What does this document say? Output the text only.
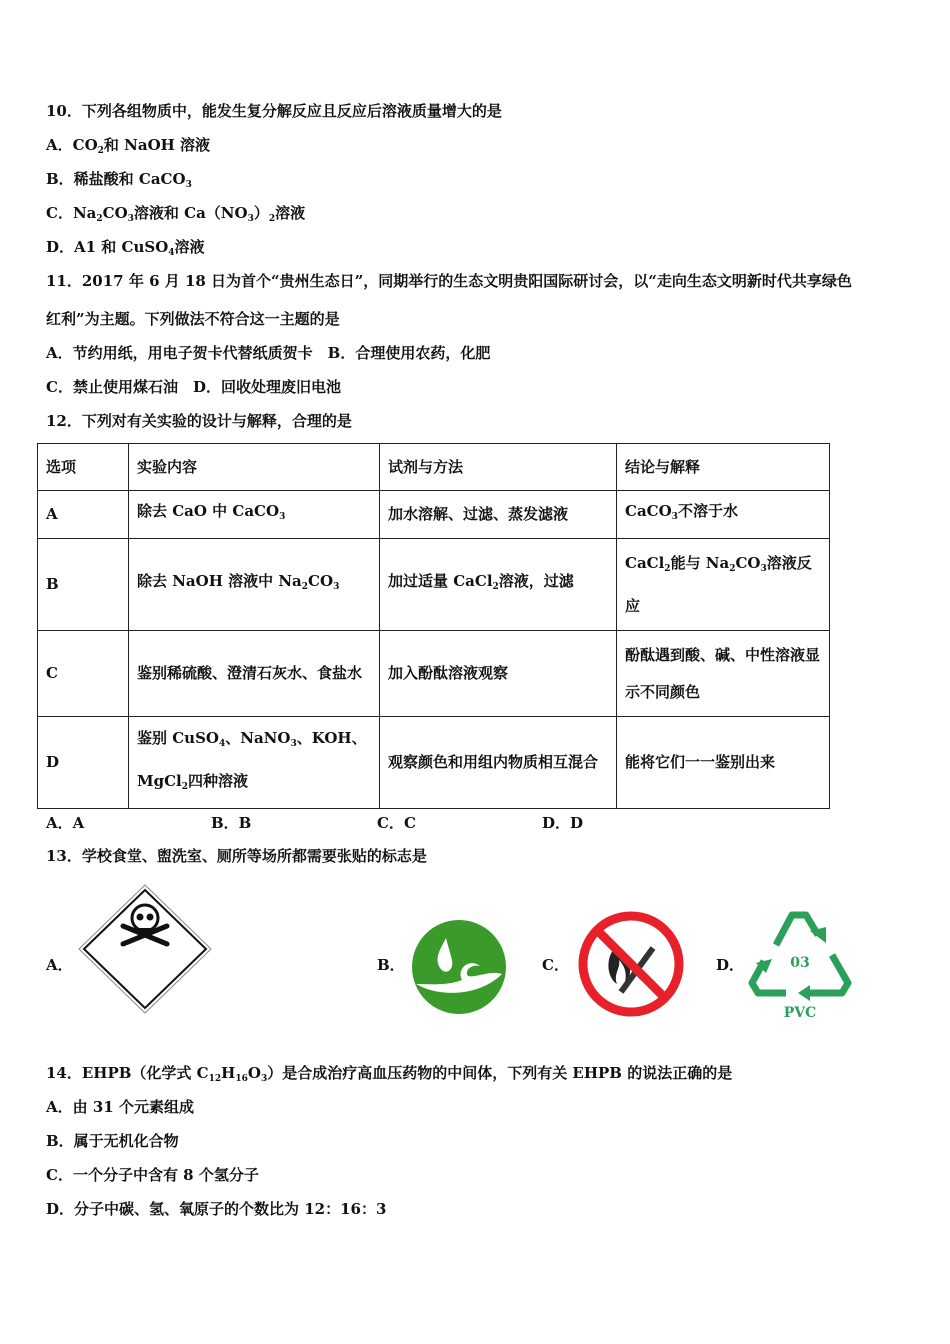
10．下列各组物质中，能发生复分解反应且反应后溶液质量增大的是
A．$CO_2$和 NaOH 溶液
B．稀盐酸和 CaCO$_3$
C．$Na_2CO_3$溶液和 $Ca(NO_3)_2$溶液
D．A1 和 CuSO$_4$溶液
11．2017 年 6 月 18 日为首个“贵州生态日”，同期举行的生态文明贵阳国际研讨会，以“走向生态文明新时代共享绿色
红利”为主题。下列做法不符合这一主题的是
A．节约用纸，用电子贺卡代替纸质贺卡　B．合理使用农药，化肥
C．禁止使用煤石油　D．回收处理废旧电池
12．下列对有关实验的设计与解释，合理的是
选项	实验内容	试剂与方法	结论与解释
A	除去 CaO 中 CaCO$_3$	加水溶解、过滤、蒸发滤液	CaCO$_3$不溶于水
B	除去 NaOH 溶液中 $Na_2CO_3$	加过适量 CaCl$_2$溶液，过滤	CaCl$_2$能与 $Na_2CO_3$溶液反应
C	鉴别稀硫酸、澄清石灰水、食盐水	加入酚酞溶液观察	酚酞遇到酸、碱、中性溶液显示不同颜色
D	鉴别 CuSO$_4$、NaNO$_3$、KOH、MgCl$_2$四种溶液	观察颜色和用组内物质相互混合	能将它们一一鉴别出来
A．A	B．B	C．C	D．D
13．学校食堂、盥洗室、厕所等场所都需要张贴的标志是
A．	B．	C．	D．	03
PVC
14．EHPB（化学式 $C_{12}H_{16}O_3$）是合成治疗高血压药物的中间体，下列有关 EHPB 的说法正确的是
A．由 31 个元素组成
B．属于无机化合物
C．一个分子中含有 8 个氢分子
D．分子中碳、氢、氧原子的个数比为 12：16：3
